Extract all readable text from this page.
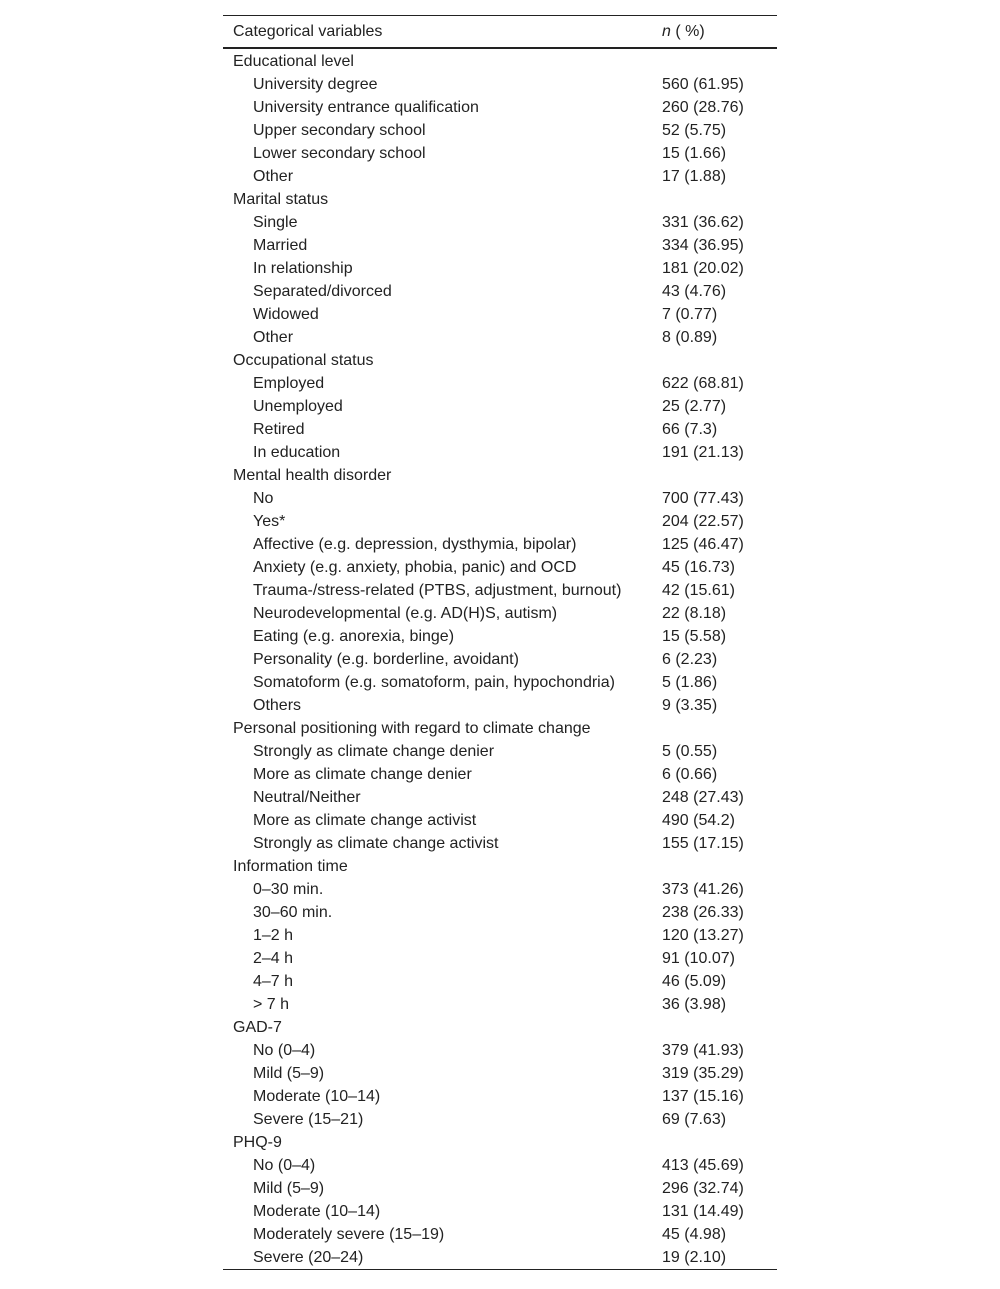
Categorical variables	n ( %)
Educational level	
University degree	560 (61.95)
University entrance qualification	260 (28.76)
Upper secondary school	52 (5.75)
Lower secondary school	15 (1.66)
Other	17 (1.88)
Marital status	
Single	331 (36.62)
Married	334 (36.95)
In relationship	181 (20.02)
Separated/divorced	43 (4.76)
Widowed	7 (0.77)
Other	8 (0.89)
Occupational status	
Employed	622 (68.81)
Unemployed	25 (2.77)
Retired	66 (7.3)
In education	191 (21.13)
Mental health disorder	
No	700 (77.43)
Yes*	204 (22.57)
Affective (e.g. depression, dysthymia, bipolar)	125 (46.47)
Anxiety (e.g. anxiety, phobia, panic) and OCD	45 (16.73)
Trauma-/stress-related (PTBS, adjustment, burnout)	42 (15.61)
Neurodevelopmental (e.g. AD(H)S, autism)	22 (8.18)
Eating (e.g. anorexia, binge)	15 (5.58)
Personality (e.g. borderline, avoidant)	6 (2.23)
Somatoform (e.g. somatoform, pain, hypochondria)	5 (1.86)
Others	9 (3.35)
Personal positioning with regard to climate change	
Strongly as climate change denier	5 (0.55)
More as climate change denier	6 (0.66)
Neutral/Neither	248 (27.43)
More as climate change activist	490 (54.2)
Strongly as climate change activist	155 (17.15)
Information time	
0–30 min.	373 (41.26)
30–60 min.	238 (26.33)
1–2 h	120 (13.27)
2–4 h	91 (10.07)
4–7 h	46 (5.09)
> 7 h	36 (3.98)
GAD-7	
No (0–4)	379 (41.93)
Mild (5–9)	319 (35.29)
Moderate (10–14)	137 (15.16)
Severe (15–21)	69 (7.63)
PHQ-9	
No (0–4)	413 (45.69)
Mild (5–9)	296 (32.74)
Moderate (10–14)	131 (14.49)
Moderately severe (15–19)	45 (4.98)
Severe (20–24)	19 (2.10)
